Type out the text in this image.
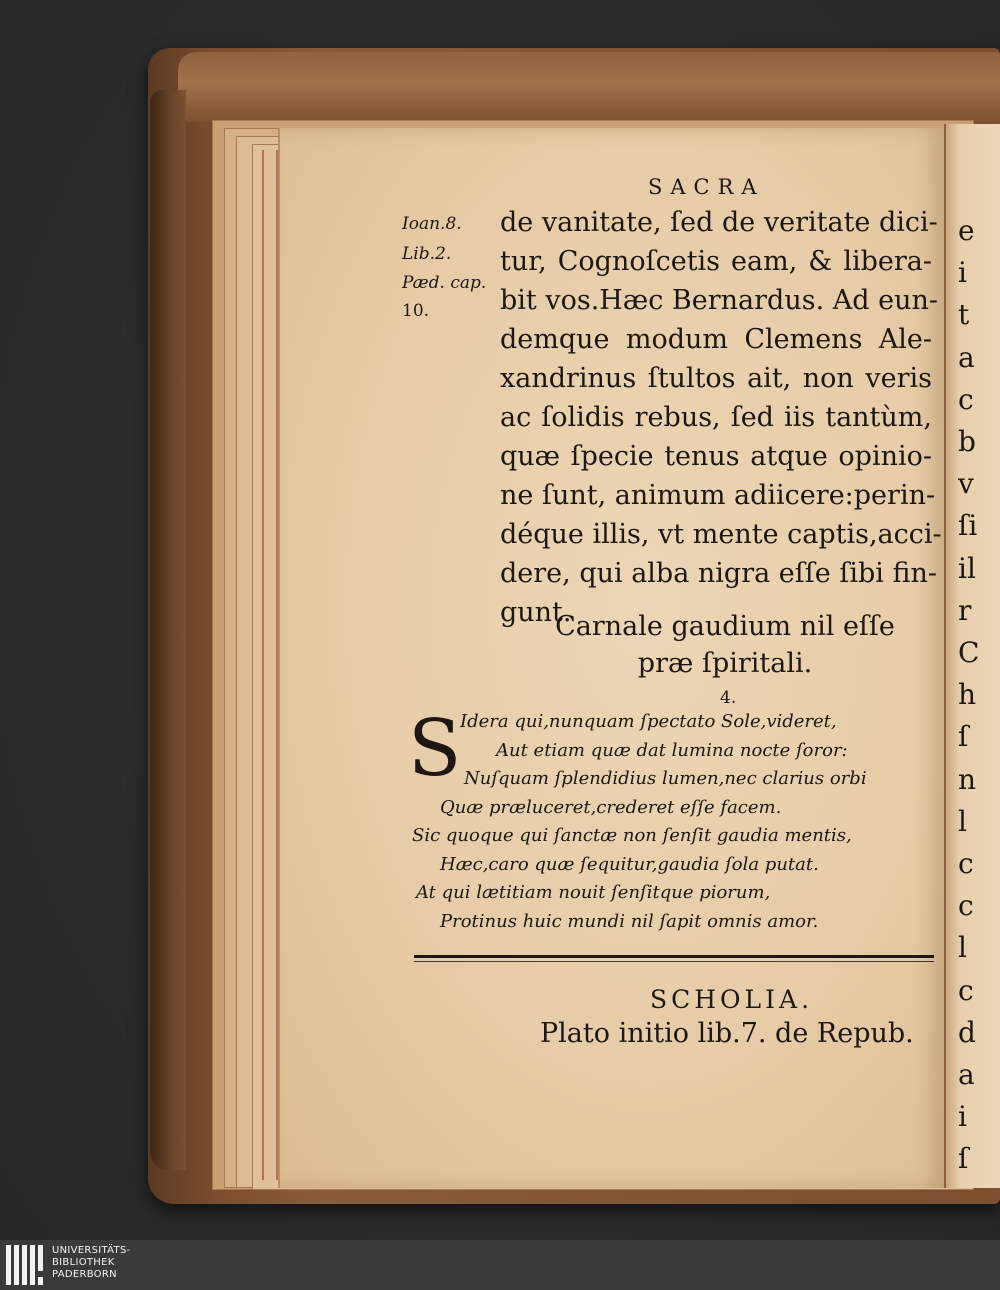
e
i
t
a
c
b
v
ſi
il
r
C
h
ſ
n
l
c
c
l
c
d
a
i
ſ
SACRA
Ioan.8.
Lib.2.
Pæd. cap.
10.
de vanitate, ſed de veritate dici-
tur, Cognoſcetis eam, & libera-
bit vos.Hæc Bernardus. Ad eun-
demque modum Clemens Ale-
xandrinus ſtultos ait, non veris
ac ſolidis rebus, ſed iis tantùm,
quæ ſpecie tenus atque opinio-
ne ſunt, animum adiicere:perin-
déque illis, vt mente captis,acci-
dere, qui alba nigra eſſe ſibi fin-
gunt.
Carnale gaudium nil eſſe
præ ſpiritali.
4.
S
Idera qui,nunquam ſpectato Sole,videret,
Aut etiam quæ dat lumina nocte ſoror:
Nuſquam ſplendidius lumen,nec clarius orbi
Quæ præluceret,crederet eſſe facem.
Sic quoque qui ſanctæ non ſenſit gaudia mentis,
Hæc,caro quæ ſequitur,gaudia ſola putat.
At qui lætitiam nouit ſenſitque piorum,
Protinus huic mundi nil ſapit omnis amor.
SCHOLIA.
Plato initio lib.7. de Repub.
UNIVERSITÄTS-
BIBLIOTHEK
PADERBORN
